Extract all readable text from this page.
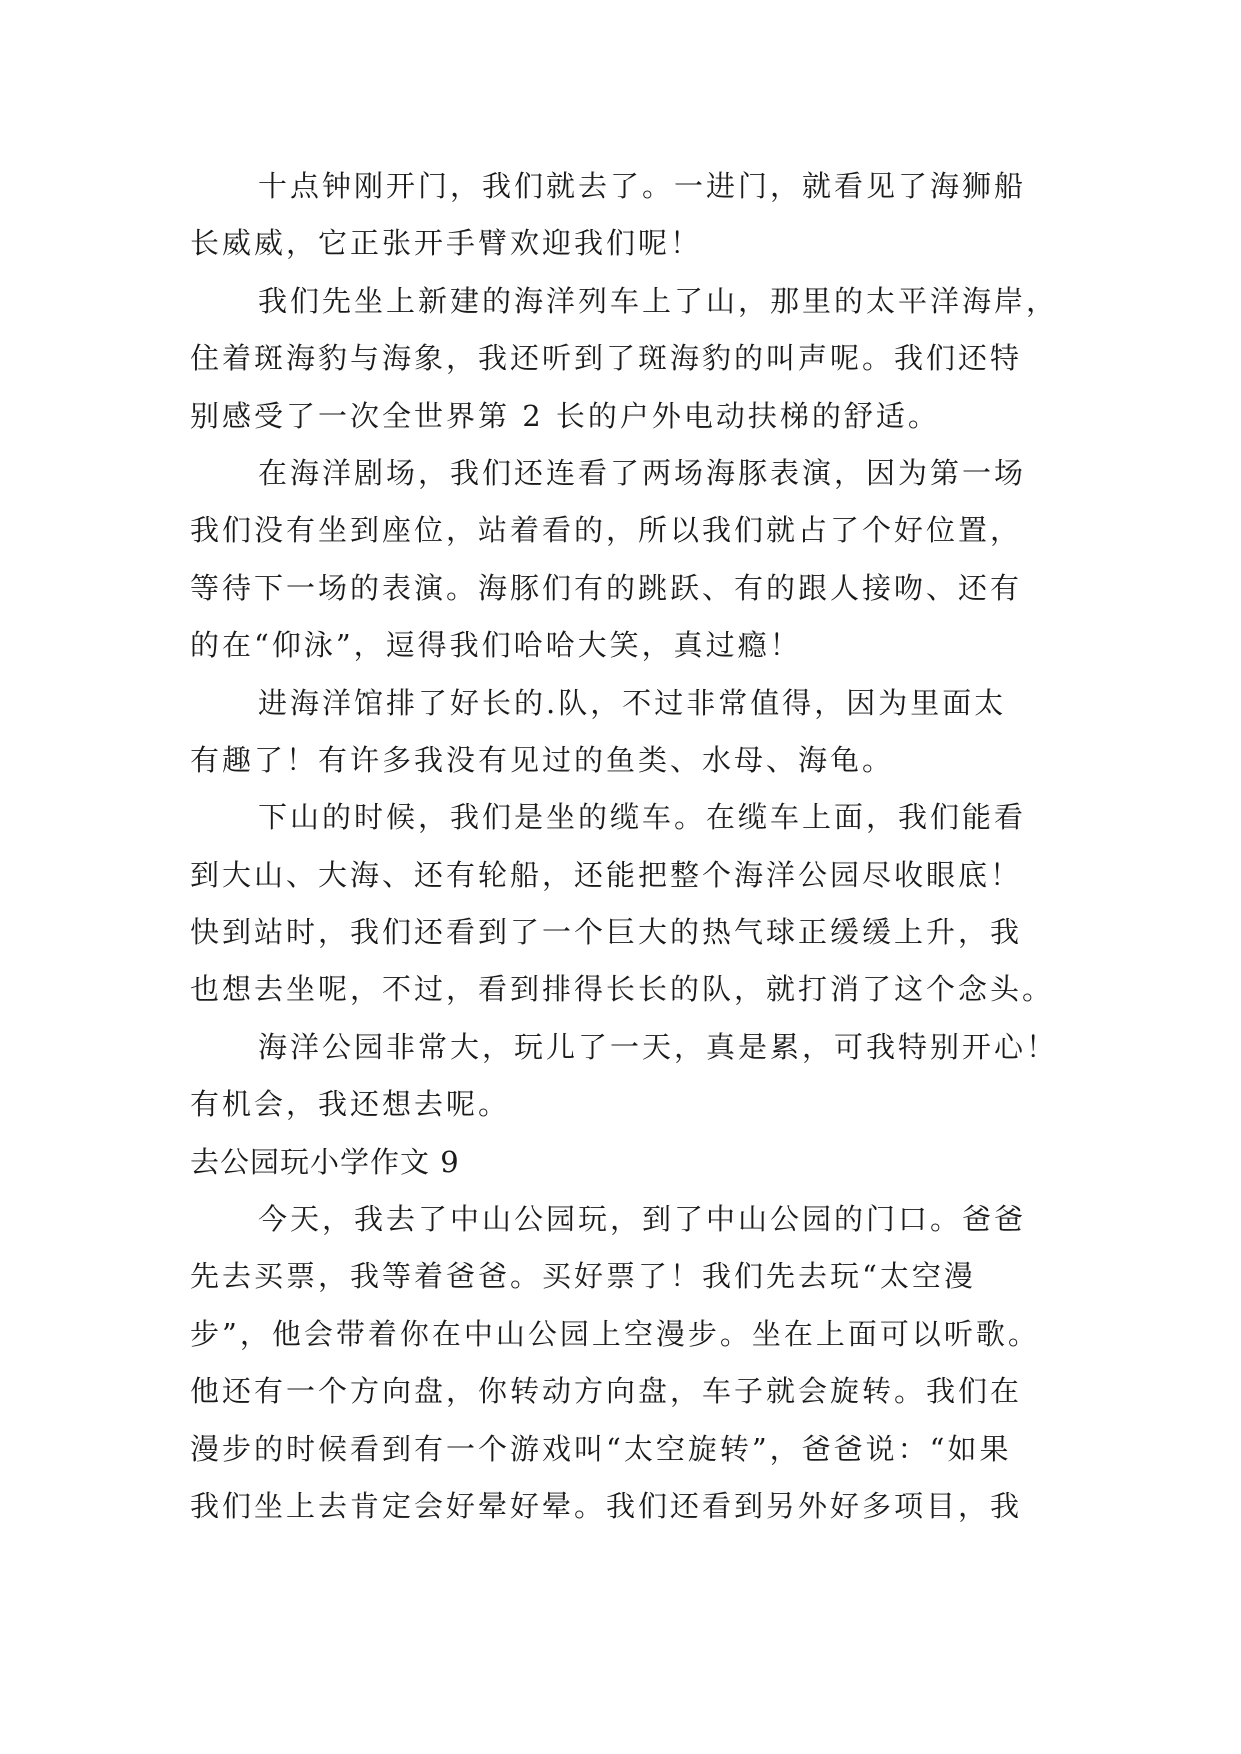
十点钟刚开门，我们就去了。一进门，就看见了海狮船
长威威，它正张开手臂欢迎我们呢！
我们先坐上新建的海洋列车上了山，那里的太平洋海岸，
住着斑海豹与海象，我还听到了斑海豹的叫声呢。我们还特
别感受了一次全世界第 2 长的户外电动扶梯的舒适。
在海洋剧场，我们还连看了两场海豚表演，因为第一场
我们没有坐到座位，站着看的，所以我们就占了个好位置，
等待下一场的表演。海豚们有的跳跃、有的跟人接吻、还有
的在“仰泳”，逗得我们哈哈大笑，真过瘾！
进海洋馆排了好长的.队，不过非常值得，因为里面太
有趣了！有许多我没有见过的鱼类、水母、海龟。
下山的时候，我们是坐的缆车。在缆车上面，我们能看
到大山、大海、还有轮船，还能把整个海洋公园尽收眼底！
快到站时，我们还看到了一个巨大的热气球正缓缓上升，我
也想去坐呢，不过，看到排得长长的队，就打消了这个念头。
海洋公园非常大，玩儿了一天，真是累，可我特别开心！
有机会，我还想去呢。
去公园玩小学作文 9
今天，我去了中山公园玩，到了中山公园的门口。爸爸
先去买票，我等着爸爸。买好票了！我们先去玩“太空漫
步”，他会带着你在中山公园上空漫步。坐在上面可以听歌。
他还有一个方向盘，你转动方向盘，车子就会旋转。我们在
漫步的时候看到有一个游戏叫“太空旋转”，爸爸说：“如果
我们坐上去肯定会好晕好晕。我们还看到另外好多项目，我
